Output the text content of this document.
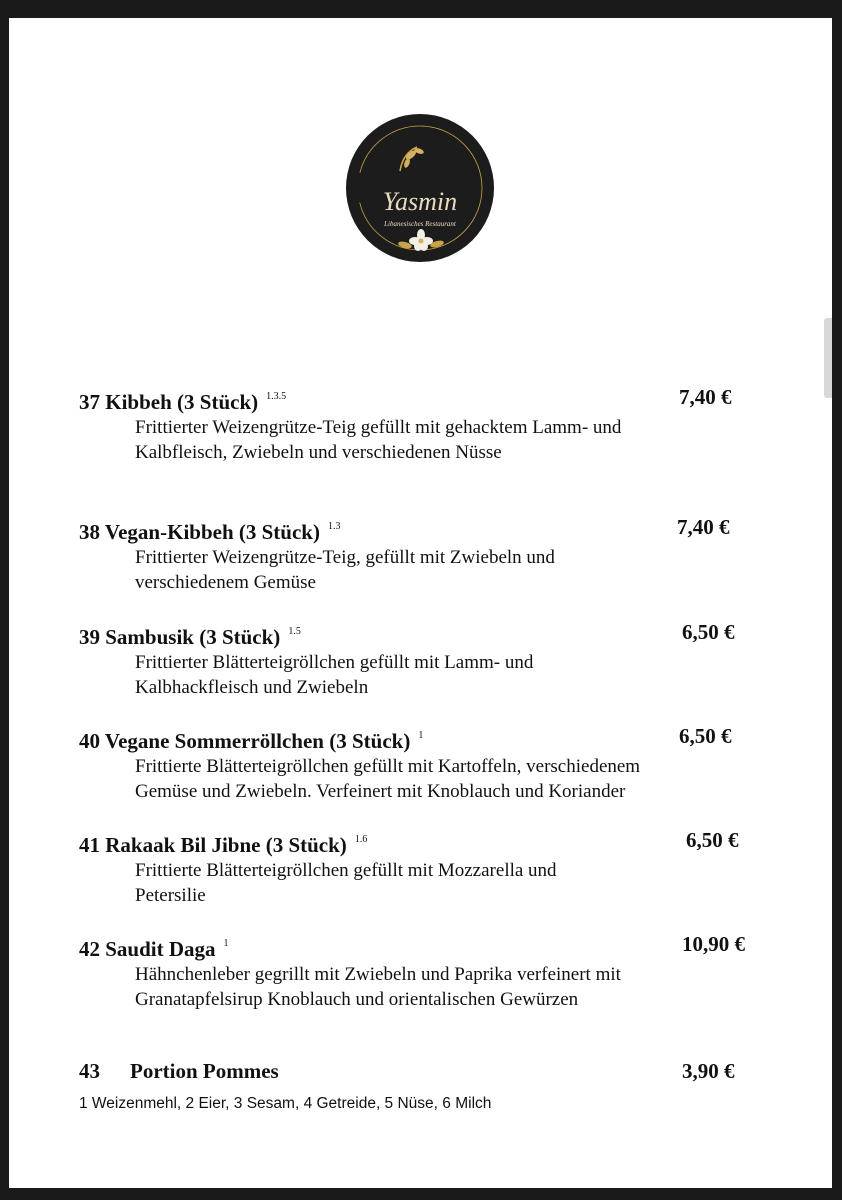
Yasmin
Libanesisches Restaurant
37 Kibbeh (3 Stück) $^{1.3.5}$
Frittierter Weizengrütze-Teig gefüllt mit gehacktem Lamm- und
Kalbfleisch, Zwiebeln und verschiedenen Nüsse
7,40 €
38 Vegan-Kibbeh (3 Stück) $^{1.3}$
Frittierter Weizengrütze-Teig, gefüllt mit Zwiebeln und
verschiedenem Gemüse
7,40 €
39 Sambusik (3 Stück) $^{1.5}$
Frittierter Blätterteigröllchen gefüllt mit Lamm- und
Kalbhackfleisch und Zwiebeln
6,50 €
40 Vegane Sommerröllchen (3 Stück) $^1$
Frittierte Blätterteigröllchen gefüllt mit Kartoffeln, verschiedenem
Gemüse und Zwiebeln. Verfeinert mit Knoblauch und Koriander
6,50 €
41 Rakaak Bil Jibne (3 Stück) $^{1.6}$
Frittierte Blätterteigröllchen gefüllt mit Mozzarella und
Petersilie
6,50 €
42 Saudit Daga $^1$
Hähnchenleber gegrillt mit Zwiebeln und Paprika verfeinert mit
Granatapfelsirup Knoblauch und orientalischen Gewürzen
10,90 €
43 Portion Pommes	3,90 €
1 Weizenmehl, 2 Eier, 3 Sesam, 4 Getreide, 5 Nüse, 6 Milch
